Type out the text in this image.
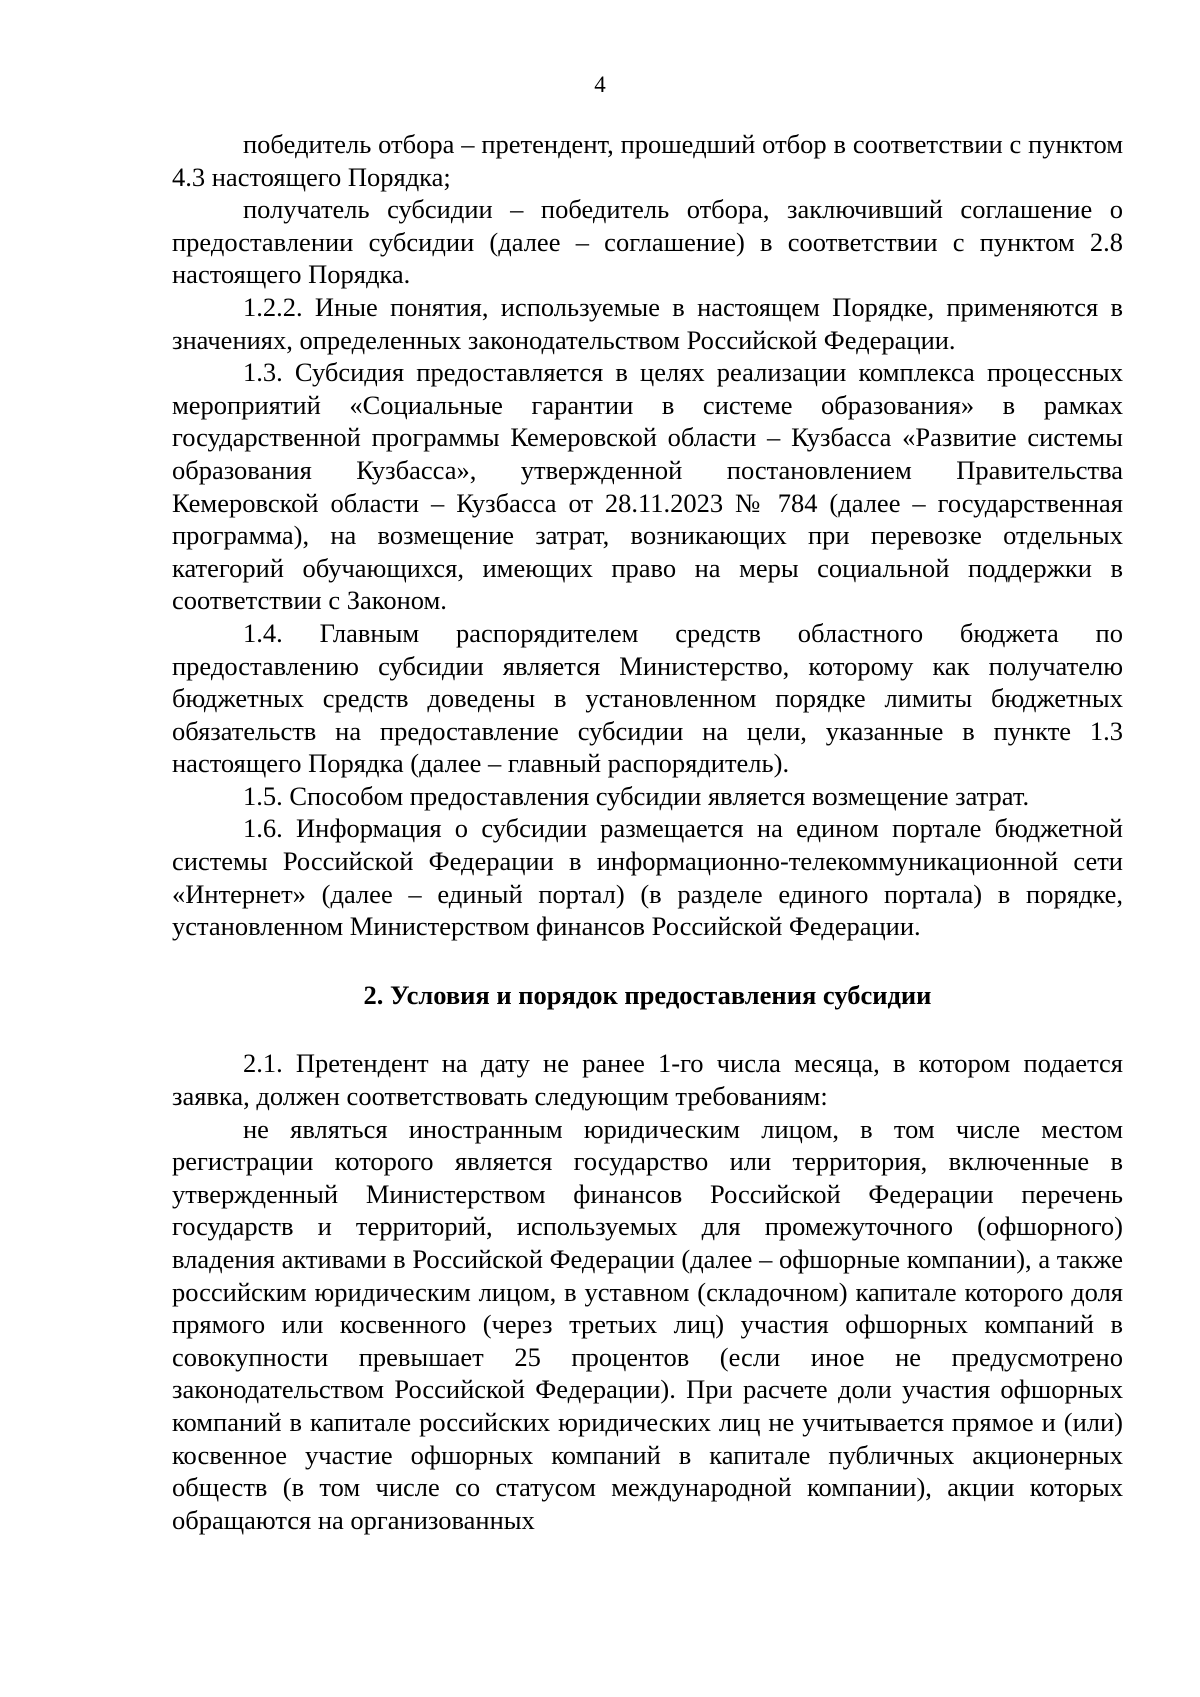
4

победитель отбора – претендент, прошедший отбор в соответствии с пунктом 4.3 настоящего Порядка;

получатель субсидии – победитель отбора, заключивший соглашение о предоставлении субсидии (далее – соглашение) в соответствии с пунктом 2.8 настоящего Порядка.

1.2.2. Иные понятия, используемые в настоящем Порядке, применяются в значениях, определенных законодательством Российской Федерации.

1.3. Субсидия предоставляется в целях реализации комплекса процессных мероприятий «Социальные гарантии в системе образования» в рамках государственной программы Кемеровской области – Кузбасса «Развитие системы образования Кузбасса», утвержденной постановлением Правительства Кемеровской области – Кузбасса от 28.11.2023 № 784 (далее – государственная программа), на возмещение затрат, возникающих при перевозке отдельных категорий обучающихся, имеющих право на меры социальной поддержки в соответствии с Законом.

1.4. Главным распорядителем средств областного бюджета по предоставлению субсидии является Министерство, которому как получателю бюджетных средств доведены в установленном порядке лимиты бюджетных обязательств на предоставление субсидии на цели, указанные в пункте 1.3 настоящего Порядка (далее – главный распорядитель).

1.5. Способом предоставления субсидии является возмещение затрат.

1.6. Информация о субсидии размещается на едином портале бюджетной системы Российской Федерации в информационно-телекоммуникационной сети «Интернет» (далее – единый портал) (в разделе единого портала) в порядке, установленном Министерством финансов Российской Федерации.

2. Условия и порядок предоставления субсидии

2.1. Претендент на дату не ранее 1-го числа месяца, в котором подается заявка, должен соответствовать следующим требованиям:

не являться иностранным юридическим лицом, в том числе местом регистрации которого является государство или территория, включенные в утвержденный Министерством финансов Российской Федерации перечень государств и территорий, используемых для промежуточного (офшорного) владения активами в Российской Федерации (далее – офшорные компании), а также российским юридическим лицом, в уставном (складочном) капитале которого доля прямого или косвенного (через третьих лиц) участия офшорных компаний в совокупности превышает 25 процентов (если иное не предусмотрено законодательством Российской Федерации). При расчете доли участия офшорных компаний в капитале российских юридических лиц не учитывается прямое и (или) косвенное участие офшорных компаний в капитале публичных акционерных обществ (в том числе со статусом международной компании), акции которых обращаются на организованных
